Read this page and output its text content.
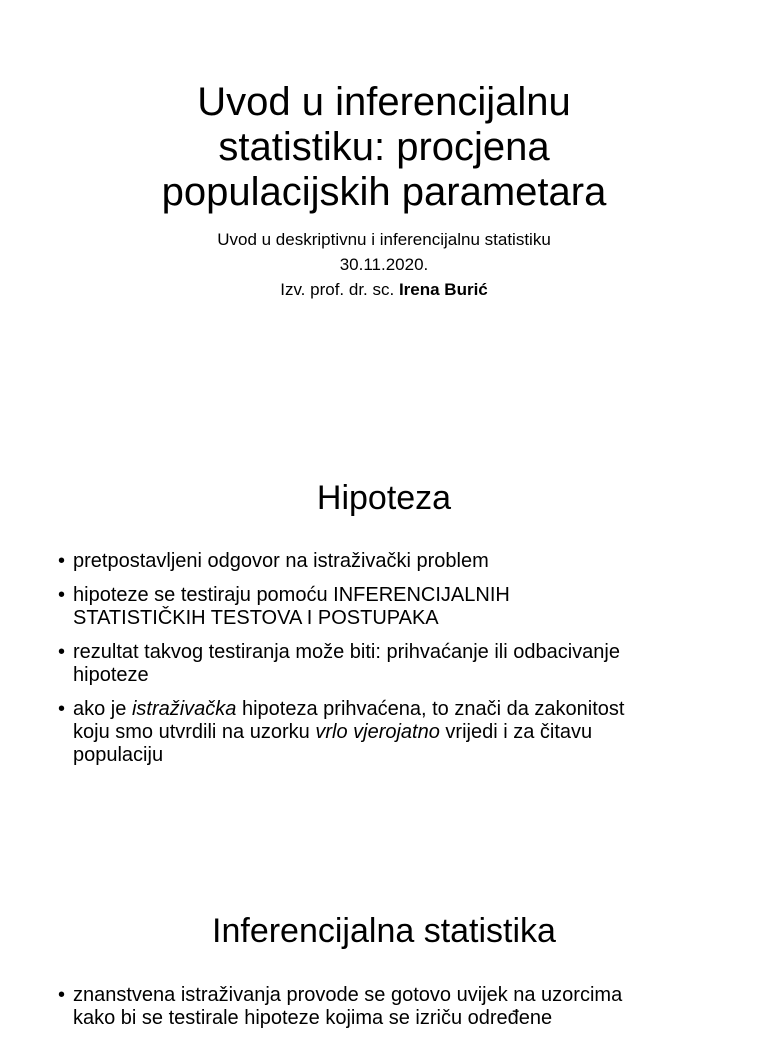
Uvod u inferencijalnu
statistiku: procjena
populacijskih parametara

Uvod u deskriptivnu i inferencijalnu statistiku

30.11.2020.

Izv. prof. dr. sc. Irena Burić

Hipoteza
• pretpostavljeni odgovor na istraživački problem
• hipoteze se testiraju pomoću INFERENCIJALNIH
STATISTIČKIH TESTOVA I POSTUPAKA
• rezultat takvog testiranja može biti: prihvaćanje ili odbacivanje
hipoteze
• ako je istraživačka hipoteza prihvaćena, to znači da zakonitost
koju smo utvrdili na uzorku vrlo vjerojatno vrijedi i za čitavu
populaciju
Inferencijalna statistika
• znanstvena istraživanja provode se gotovo uvijek na uzorcima
kako bi se testirale hipoteze kojima se izriču određene
